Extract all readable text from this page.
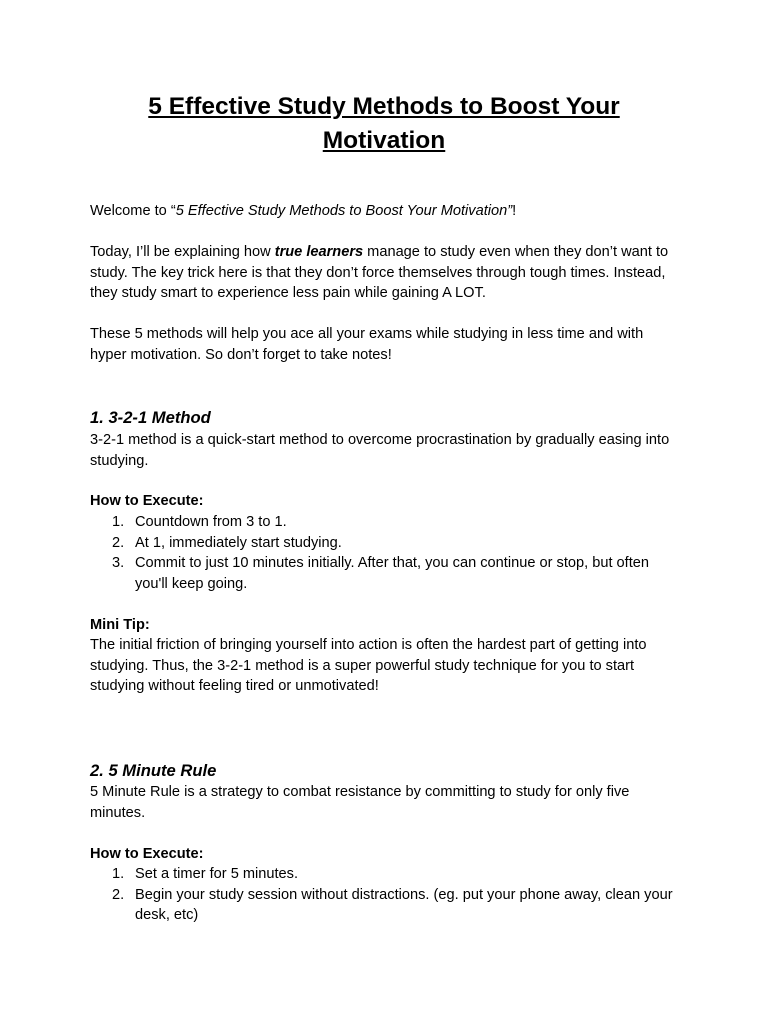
5 Effective Study Methods to Boost Your
Motivation

Welcome to “5 Effective Study Methods to Boost Your Motivation”!

Today, I’ll be explaining how true learners manage to study even when they don’t want to study. The key trick here is that they don’t force themselves through tough times. Instead, they study smart to experience less pain while gaining A LOT.

These 5 methods will help you ace all your exams while studying in less time and with hyper motivation. So don’t forget to take notes!

1. 3-2-1 Method

3-2-1 method is a quick-start method to overcome procrastination by gradually easing into studying.

How to Execute:

1. Countdown from 3 to 1.
2. At 1, immediately start studying.
3. Commit to just 10 minutes initially. After that, you can continue or stop, but often you'll keep going.

Mini Tip:

The initial friction of bringing yourself into action is often the hardest part of getting into studying. Thus, the 3-2-1 method is a super powerful study technique for you to start studying without feeling tired or unmotivated!

2. 5 Minute Rule

5 Minute Rule is a strategy to combat resistance by committing to study for only five minutes.

How to Execute:

1. Set a timer for 5 minutes.
2. Begin your study session without distractions. (eg. put your phone away, clean your desk, etc)
